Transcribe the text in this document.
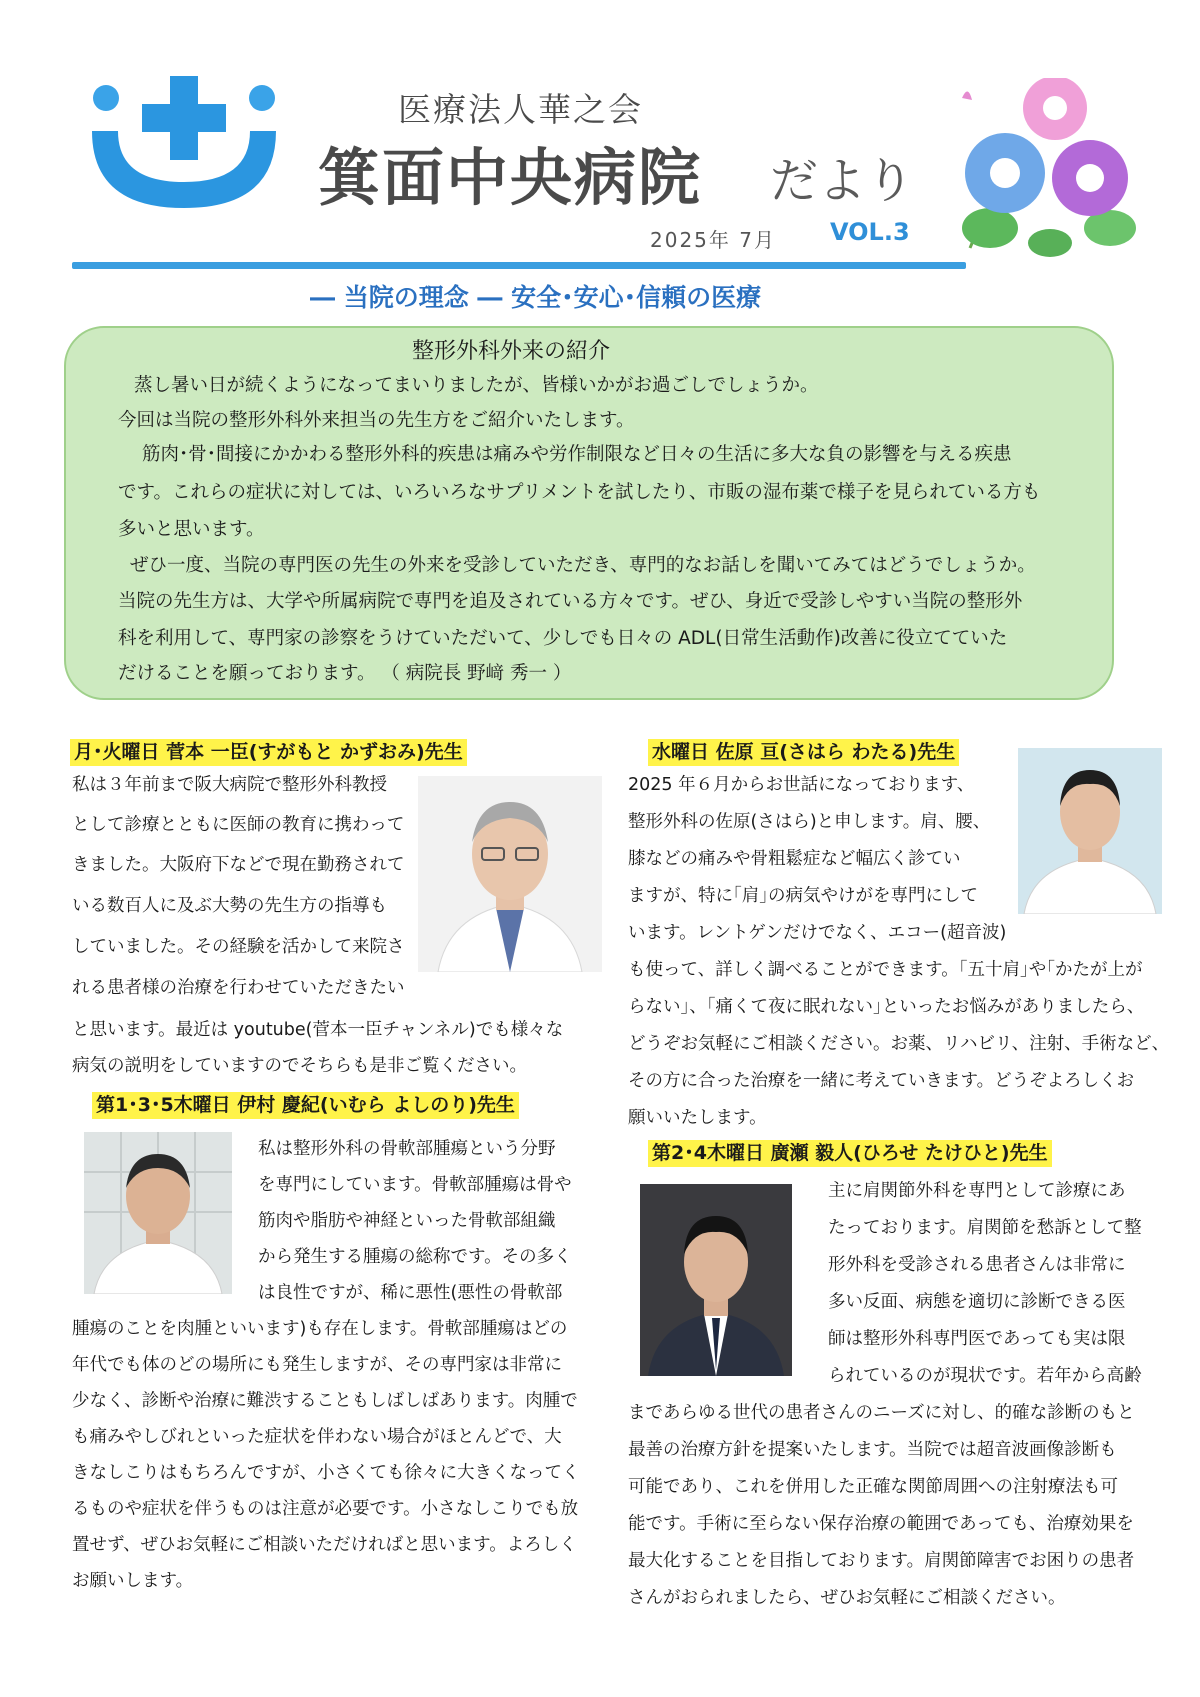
医療法人華之会
箕面中央病院 だより
2025年 7月 VOL.3
― 当院の理念 ― 安全･安心･信頼の医療
整形外科外来の紹介
蒸し暑い日が続くようになってまいりましたが、皆様いかがお過ごしでしょうか。
今回は当院の整形外科外来担当の先生方をご紹介いたします。
筋肉･骨･間接にかかわる整形外科的疾患は痛みや労作制限など日々の生活に多大な負の影響を与える疾患
です。これらの症状に対しては、いろいろなサプリメントを試したり、市販の湿布薬で様子を見られている方も
多いと思います。
ぜひ一度、当院の専門医の先生の外来を受診していただき、専門的なお話しを聞いてみてはどうでしょうか。
当院の先生方は、大学や所属病院で専門を追及されている方々です。ぜひ、身近で受診しやすい当院の整形外
科を利用して、専門家の診察をうけていただいて、少しでも日々の ADL(日常生活動作)改善に役立てていた
だけることを願っております。 （ 病院長 野﨑 秀一 ）
月･火曜日 菅本 一臣(すがもと かずおみ)先生
私は３年前まで阪大病院で整形外科教授
として診療とともに医師の教育に携わって
きました。大阪府下などで現在勤務されて
いる数百人に及ぶ大勢の先生方の指導も
していました。その経験を活かして来院さ
れる患者様の治療を行わせていただきたい
と思います。最近は youtube(菅本一臣チャンネル)でも様々な
病気の説明をしていますのでそちらも是非ご覧ください。
第1･3･5木曜日 伊村 慶紀(いむら よしのり)先生
私は整形外科の骨軟部腫瘍という分野
を専門にしています。骨軟部腫瘍は骨や
筋肉や脂肪や神経といった骨軟部組織
から発生する腫瘍の総称です。その多く
は良性ですが、稀に悪性(悪性の骨軟部
腫瘍のことを肉腫といいます)も存在します。骨軟部腫瘍はどの
年代でも体のどの場所にも発生しますが、その専門家は非常に
少なく、診断や治療に難渋することもしばしばあります。肉腫で
も痛みやしびれといった症状を伴わない場合がほとんどで、大
きなしこりはもちろんですが、小さくても徐々に大きくなってく
るものや症状を伴うものは注意が必要です。小さなしこりでも放
置せず、ぜひお気軽にご相談いただければと思います。よろしく
お願いします。
水曜日 佐原 亘(さはら わたる)先生
2025 年６月からお世話になっております、
整形外科の佐原(さはら)と申します。肩、腰、
膝などの痛みや骨粗鬆症など幅広く診てい
ますが、特に｢肩｣の病気やけがを専門にして
います。レントゲンだけでなく、エコー(超音波)
も使って、詳しく調べることができます。｢五十肩｣や｢かたが上が
らない｣、｢痛くて夜に眠れない｣といったお悩みがありましたら、
どうぞお気軽にご相談ください。お薬、リハビリ、注射、手術など、
その方に合った治療を一緒に考えていきます。どうぞよろしくお
願いいたします。
第2･4木曜日 廣瀬 毅人(ひろせ たけひと)先生
主に肩関節外科を専門として診療にあ
たっております。肩関節を愁訴として整
形外科を受診される患者さんは非常に
多い反面、病態を適切に診断できる医
師は整形外科専門医であっても実は限
られているのが現状です。若年から高齢
まであらゆる世代の患者さんのニーズに対し、的確な診断のもと
最善の治療方針を提案いたします。当院では超音波画像診断も
可能であり、これを併用した正確な関節周囲への注射療法も可
能です。手術に至らない保存治療の範囲であっても、治療効果を
最大化することを目指しております。肩関節障害でお困りの患者
さんがおられましたら、ぜひお気軽にご相談ください。
